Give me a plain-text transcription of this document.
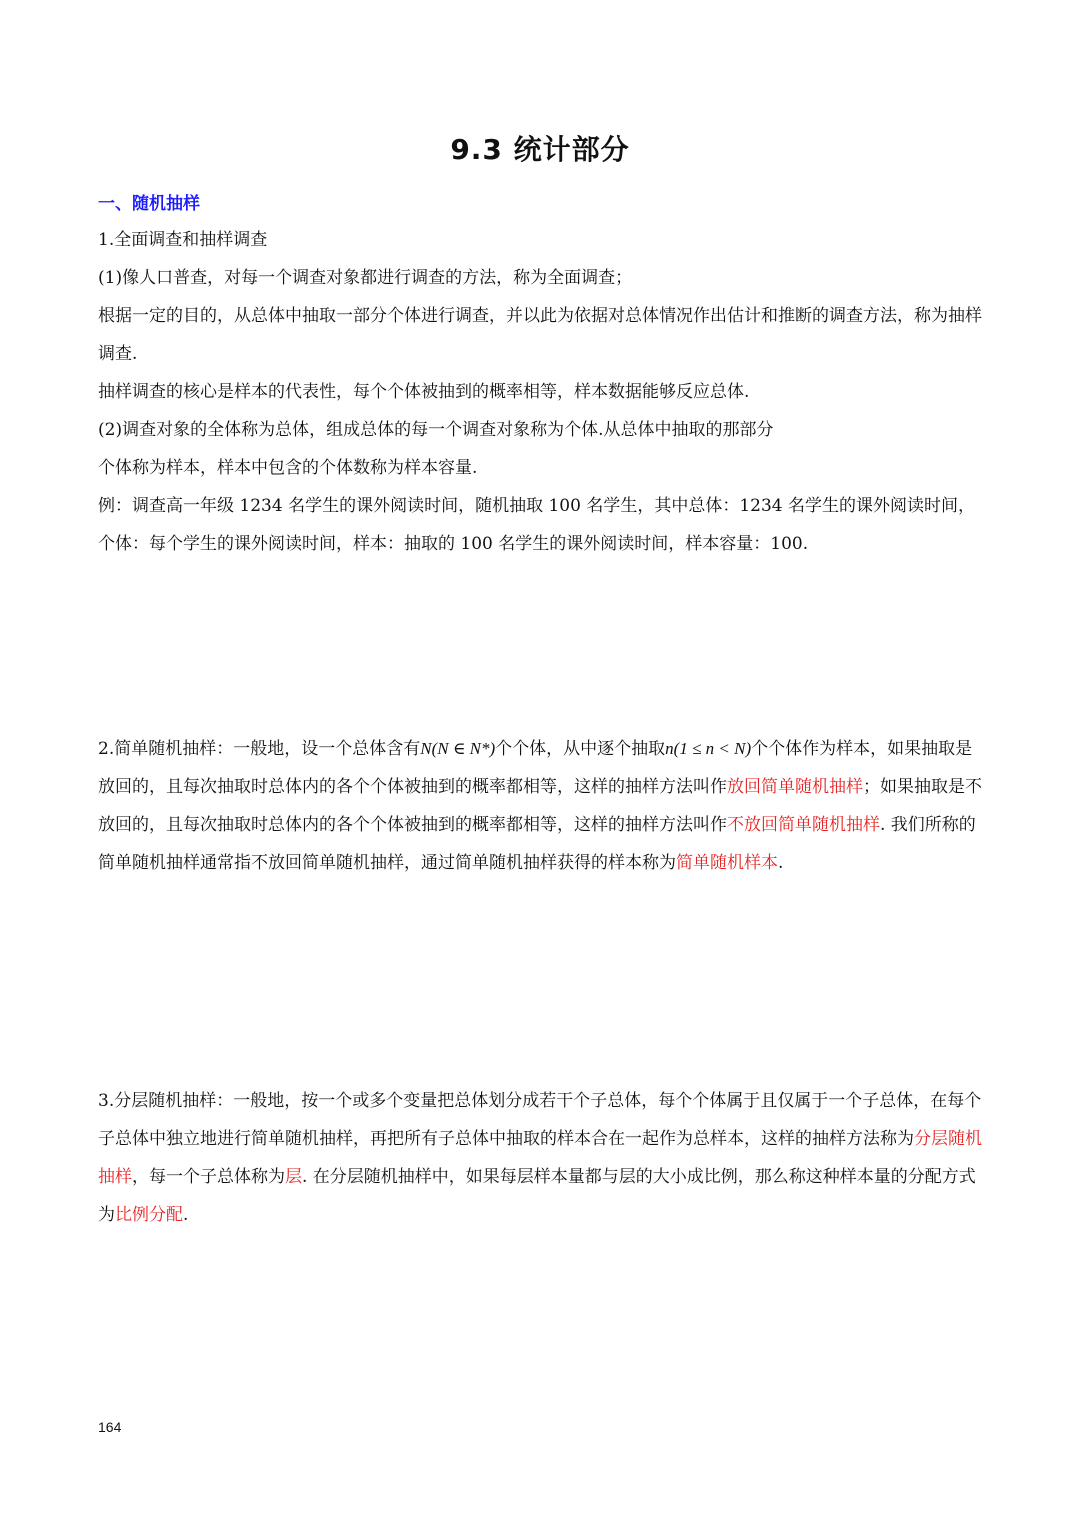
9.3 统计部分
一、随机抽样

1.全面调查和抽样调查

(1)像人口普查，对每一个调查对象都进行调查的方法，称为全面调查；

根据一定的目的，从总体中抽取一部分个体进行调查，并以此为依据对总体情况作出估计和推断的调查方法，称为抽样调查.

抽样调查的核心是样本的代表性，每个个体被抽到的概率相等，样本数据能够反应总体.

(2)调查对象的全体称为总体，组成总体的每一个调查对象称为个体.从总体中抽取的那部分

个体称为样本，样本中包含的个体数称为样本容量.

例：调查高一年级 1234 名学生的课外阅读时间，随机抽取 100 名学生，其中总体：1234 名学生的课外阅读时间，个体：每个学生的课外阅读时间，样本：抽取的 100 名学生的课外阅读时间，样本容量：100.

2.简单随机抽样：一般地，设一个总体含有N(N ∈ N*)个个体，从中逐个抽取n(1 ≤ n < N)个个体作为样本，如果抽取是放回的，且每次抽取时总体内的各个个体被抽到的概率都相等，这样的抽样方法叫作放回简单随机抽样；如果抽取是不放回的，且每次抽取时总体内的各个个体被抽到的概率都相等，这样的抽样方法叫作不放回简单随机抽样. 我们所称的简单随机抽样通常指不放回简单随机抽样，通过简单随机抽样获得的样本称为简单随机样本.

3.分层随机抽样：一般地，按一个或多个变量把总体划分成若干个子总体，每个个体属于且仅属于一个子总体，在每个子总体中独立地进行简单随机抽样，再把所有子总体中抽取的样本合在一起作为总样本，这样的抽样方法称为分层随机抽样，每一个子总体称为层. 在分层随机抽样中，如果每层样本量都与层的大小成比例，那么称这种样本量的分配方式为比例分配.

164
